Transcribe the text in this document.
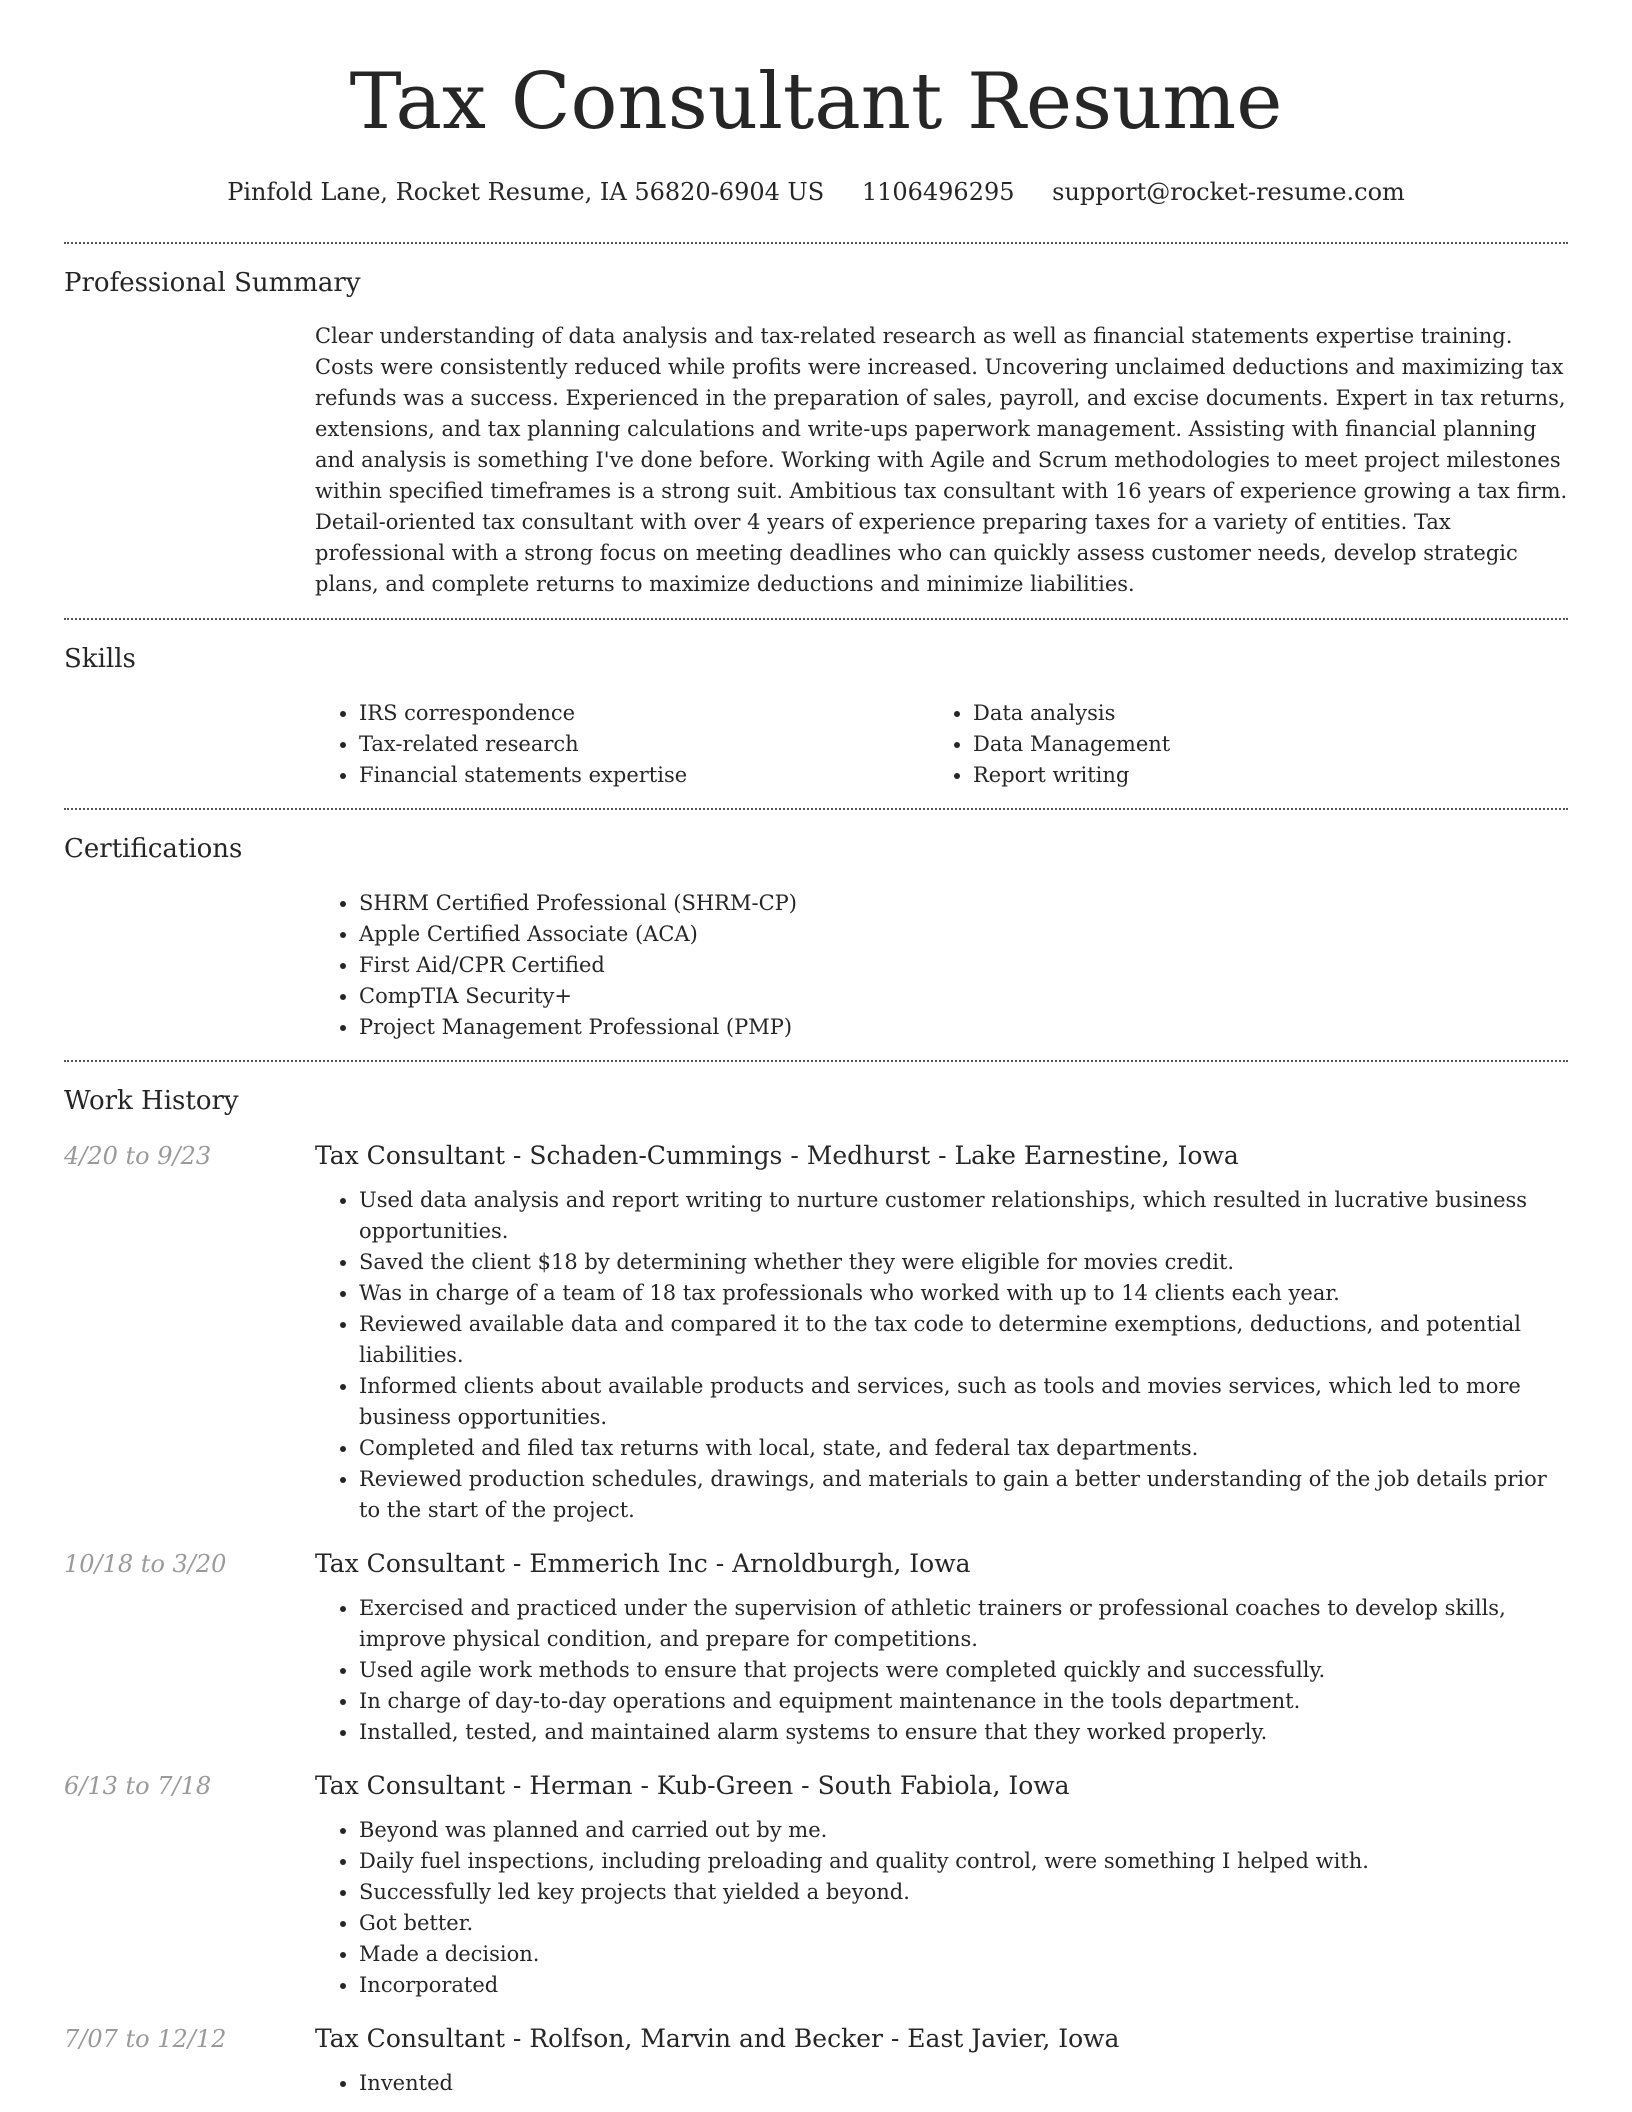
Tax Consultant Resume
Pinfold Lane, Rocket Resume, IA 56820-6904 US 1106496295 support@rocket-resume.com
Professional Summary

Clear understanding of data analysis and tax-related research as well as financial statements expertise training. Costs were consistently reduced while profits were increased. Uncovering unclaimed deductions and maximizing tax refunds was a success. Experienced in the preparation of sales, payroll, and excise documents. Expert in tax returns, extensions, and tax planning calculations and write-ups paperwork management. Assisting with financial planning and analysis is something I've done before. Working with Agile and Scrum methodologies to meet project milestones within specified timeframes is a strong suit. Ambitious tax consultant with 16 years of experience growing a tax firm. Detail-oriented tax consultant with over 4 years of experience preparing taxes for a variety of entities. Tax professional with a strong focus on meeting deadlines who can quickly assess customer needs, develop strategic plans, and complete returns to maximize deductions and minimize liabilities.

Skills
• IRS correspondence
• Tax-related research
• Financial statements expertise
• Data analysis
• Data Management
• Report writing
Certifications
• SHRM Certified Professional (SHRM-CP)
• Apple Certified Associate (ACA)
• First Aid/CPR Certified
• CompTIA Security+
• Project Management Professional (PMP)
Work History
4/20 to 9/23	Tax Consultant - Schaden-Cummings - Medhurst - Lake Earnestine, Iowa
• Used data analysis and report writing to nurture customer relationships, which resulted in lucrative business opportunities.
• Saved the client $18 by determining whether they were eligible for movies credit.
• Was in charge of a team of 18 tax professionals who worked with up to 14 clients each year.
• Reviewed available data and compared it to the tax code to determine exemptions, deductions, and potential liabilities.
• Informed clients about available products and services, such as tools and movies services, which led to more business opportunities.
• Completed and filed tax returns with local, state, and federal tax departments.
• Reviewed production schedules, drawings, and materials to gain a better understanding of the job details prior to the start of the project.
10/18 to 3/20	Tax Consultant - Emmerich Inc - Arnoldburgh, Iowa
• Exercised and practiced under the supervision of athletic trainers or professional coaches to develop skills, improve physical condition, and prepare for competitions.
• Used agile work methods to ensure that projects were completed quickly and successfully.
• In charge of day-to-day operations and equipment maintenance in the tools department.
• Installed, tested, and maintained alarm systems to ensure that they worked properly.
6/13 to 7/18	Tax Consultant - Herman - Kub-Green - South Fabiola, Iowa
• Beyond was planned and carried out by me.
• Daily fuel inspections, including preloading and quality control, were something I helped with.
• Successfully led key projects that yielded a beyond.
• Got better.
• Made a decision.
• Incorporated
7/07 to 12/12	Tax Consultant - Rolfson, Marvin and Becker - East Javier, Iowa
• Invented
